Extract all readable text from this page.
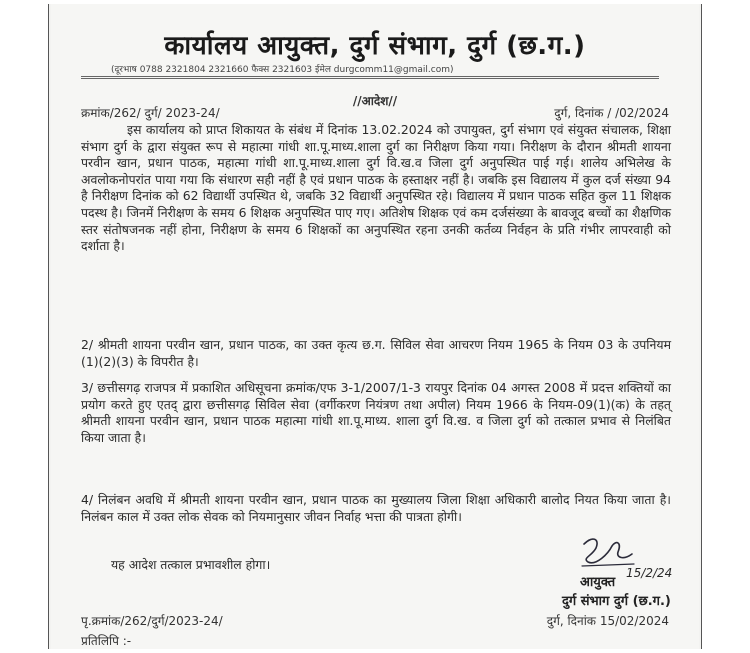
कार्यालय आयुक्त, दुर्ग संभाग, दुर्ग (छ.ग.)
(दूरभाष 0788 2321804 2321660 फैक्स 2321603 ईमेल durgcomm11@gmail.com)
//आदेश//
क्रमांक/262/ दुर्ग/ 2023-24/	दुर्ग, दिनांक / /02/2024
इस कार्यालय को प्राप्त शिकायत के संबंध में दिनांक 13.02.2024 को उपायुक्त, दुर्ग संभाग एवं संयुक्त संचालक, शिक्षा संभाग दुर्ग के द्वारा संयुक्त रूप से महात्मा गांधी शा.पू.माध्य.शाला दुर्ग का निरीक्षण किया गया। निरीक्षण के दौरान श्रीमती शायना परवीन खान, प्रधान पाठक, महात्मा गांधी शा.पू.माध्य.शाला दुर्ग वि.ख.व जिला दुर्ग अनुपस्थित पाई गई। शालेय अभिलेख के अवलोकनोपरांत पाया गया कि संधारण सही नहीं है एवं प्रधान पाठक के हस्ताक्षर नहीं है। जबकि इस विद्यालय में कुल दर्ज संख्या 94 है निरीक्षण दिनांक को 62 विद्यार्थी उपस्थित थे, जबकि 32 विद्यार्थी अनुपस्थित रहे। विद्यालय में प्रधान पाठक सहित कुल 11 शिक्षक पदस्थ है। जिनमें निरीक्षण के समय 6 शिक्षक अनुपस्थित पाए गए। अतिशेष शिक्षक एवं कम दर्जसंख्या के बावजूद बच्चों का शैक्षणिक स्तर संतोषजनक नहीं होना, निरीक्षण के समय 6 शिक्षकों का अनुपस्थित रहना उनकी कर्तव्य निर्वहन के प्रति गंभीर लापरवाही को दर्शाता है।
2/ श्रीमती शायना परवीन खान, प्रधान पाठक, का उक्त कृत्य छ.ग. सिविल सेवा आचरण नियम 1965 के नियम 03 के उपनियम (1)(2)(3) के विपरीत है।
3/ छत्तीसगढ़ राजपत्र में प्रकाशित अधिसूचना क्रमांक/एफ 3-1/2007/1-3 रायपुर दिनांक 04 अगस्त 2008 में प्रदत्त शक्तियों का प्रयोग करते हुए एतद् द्वारा छत्तीसगढ़ सिविल सेवा (वर्गीकरण नियंत्रण तथा अपील) नियम 1966 के नियम-09(1)(क) के तहत् श्रीमती शायना परवीन खान, प्रधान पाठक महात्मा गांधी शा.पू.माध्य. शाला दुर्ग वि.ख. व जिला दुर्ग को तत्काल प्रभाव से निलंबित किया जाता है।
4/ निलंबन अवधि में श्रीमती शायना परवीन खान, प्रधान पाठक का मुख्यालय जिला शिक्षा अधिकारी बालोद नियत किया जाता है। निलंबन काल में उक्त लोक सेवक को नियमानुसार जीवन निर्वाह भत्ता की पात्रता होगी।
यह आदेश तत्काल प्रभावशील होगा।
आयुक्त
15/2/24
दुर्ग संभाग दुर्ग (छ.ग.)
पृ.क्रमांक/262/दुर्ग/2023-24/	दुर्ग, दिनांक 15/02/2024
प्रतिलिपि :-
